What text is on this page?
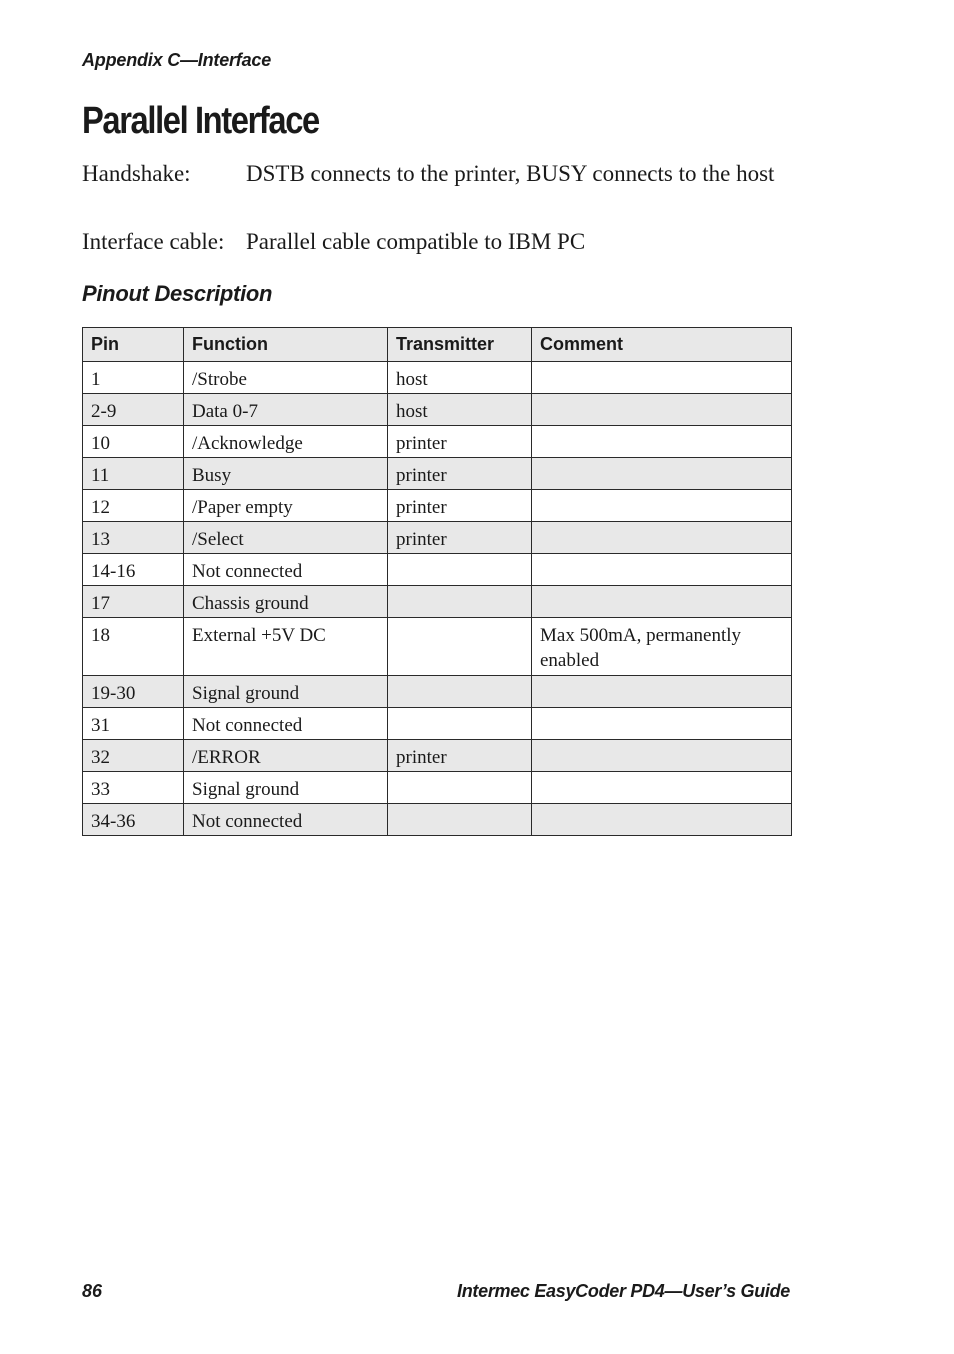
Appendix C—Interface
Parallel Interface
Handshake: DSTB connects to the printer, BUSY connects to the host
Interface cable: Parallel cable compatible to IBM PC
Pinout Description
Pin	Function	Transmitter	Comment
1	/Strobe	host	
2-9	Data 0-7	host	
10	/Acknowledge	printer	
11	Busy	printer	
12	/Paper empty	printer	
13	/Select	printer	
14-16	Not connected		
17	Chassis ground		
18	External +5V DC		Max 500mA, permanently enabled
19-30	Signal ground		
31	Not connected		
32	/ERROR	printer	
33	Signal ground		
34-36	Not connected		
86	Intermec EasyCoder PD4—User’s Guide
